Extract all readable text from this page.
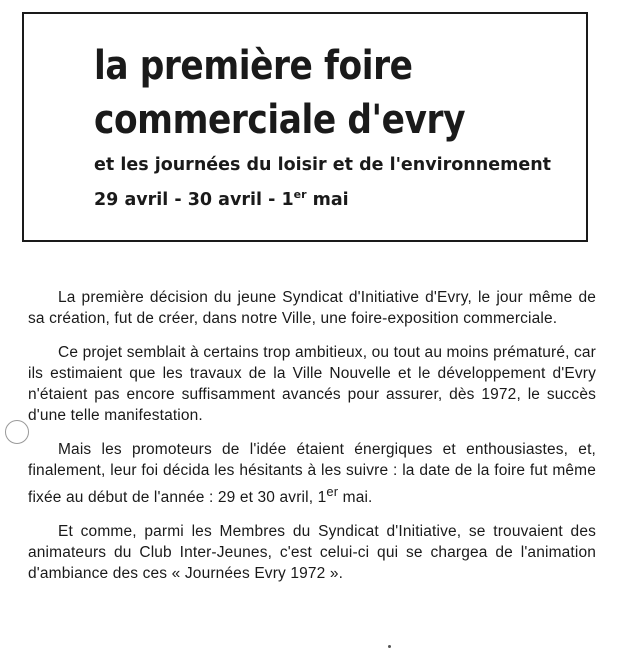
la première foire
commerciale d'evry
et les journées du loisir et de l'environnement
29 avril - 30 avril - 1er mai

La première décision du jeune Syndicat d'Initiative d'Evry, le jour même de sa création, fut de créer, dans notre Ville, une foire-exposition commerciale.

Ce projet semblait à certains trop ambitieux, ou tout au moins prématuré, car ils estimaient que les travaux de la Ville Nouvelle et le développement d'Evry n'étaient pas encore suffisamment avancés pour assurer, dès 1972, le succès d'une telle manifestation.

Mais les promoteurs de l'idée étaient énergiques et enthousiastes, et, finalement, leur foi décida les hésitants à les suivre : la date de la foire fut même fixée au début de l'année : 29 et 30 avril, 1er mai.

Et comme, parmi les Membres du Syndicat d'Initiative, se trouvaient des animateurs du Club Inter-Jeunes, c'est celui-ci qui se chargea de l'animation d'ambiance des ces « Journées Evry 1972 ».
